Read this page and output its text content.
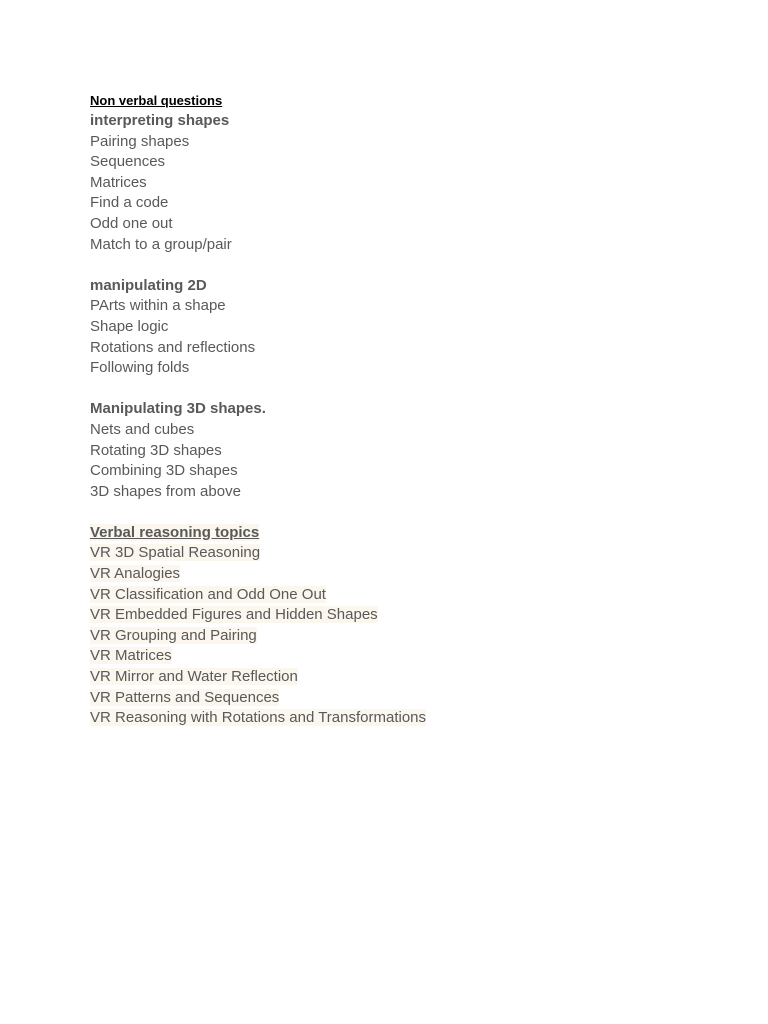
Non verbal questions
interpreting shapes
Pairing shapes
Sequences
Matrices
Find a code
Odd one out
Match to a group/pair
manipulating 2D
PArts within a shape
Shape logic
Rotations and reflections
Following folds
Manipulating 3D shapes.
Nets and cubes
Rotating 3D shapes
Combining 3D shapes
3D shapes from above
Verbal reasoning topics
VR 3D Spatial Reasoning
VR Analogies
VR Classification and Odd One Out
VR Embedded Figures and Hidden Shapes
VR Grouping and Pairing
VR Matrices
VR Mirror and Water Reflection
VR Patterns and Sequences
VR Reasoning with Rotations and Transformations
